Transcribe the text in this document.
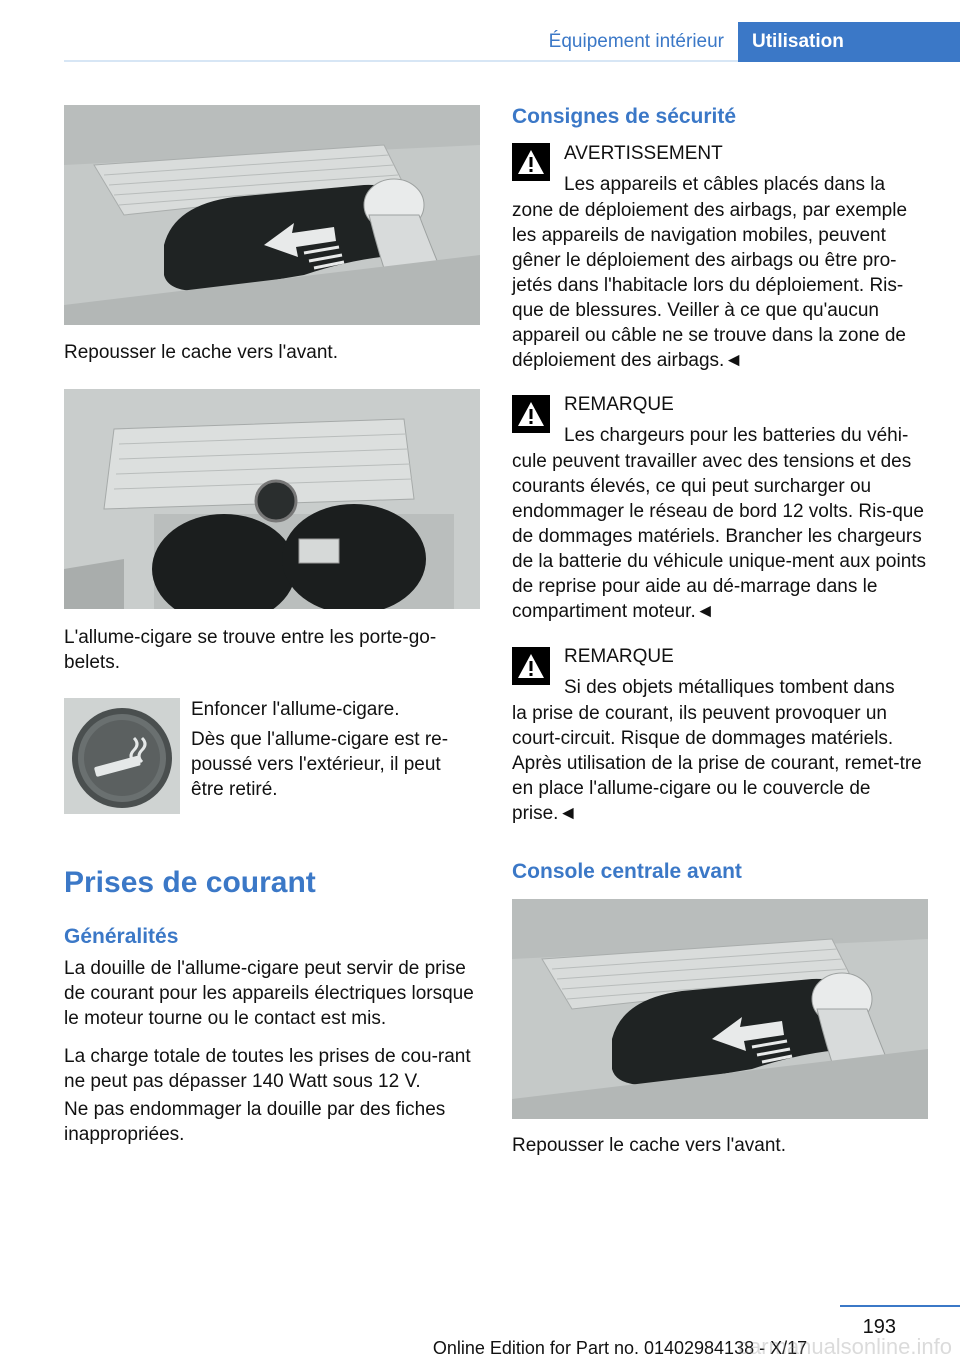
Équipement intérieur	Utilisation

Repousser le cache vers l'avant.

L'allume-cigare se trouve entre les porte-go-belets.

Enfoncer l'allume-cigare.

Dès que l'allume-cigare est re-poussé vers l'extérieur, il peut être retiré.

Prises de courant
Généralités

La douille de l'allume-cigare peut servir de prise de courant pour les appareils électriques lorsque le moteur tourne ou le contact est mis.

La charge totale de toutes les prises de cou-rant ne peut pas dépasser 140 Watt sous 12 V.

Ne pas endommager la douille par des fiches inappropriées.

Consignes de sécurité
AVERTISSEMENT
Les appareils et câbles placés dans la
zone de déploiement des airbags, par exemple les appareils de navigation mobiles, peuvent gêner le déploiement des airbags ou être pro-jetés dans l'habitacle lors du déploiement. Ris-que de blessures. Veiller à ce que qu'aucun appareil ou câble ne se trouve dans la zone de déploiement des airbags.◄
REMARQUE
Les chargeurs pour les batteries du véhi-
cule peuvent travailler avec des tensions et des courants élevés, ce qui peut surcharger ou endommager le réseau de bord 12 volts. Ris-que de dommages matériels. Brancher les chargeurs de la batterie du véhicule unique-ment aux points de reprise pour aide au dé-marrage dans le compartiment moteur.◄
REMARQUE
Si des objets métalliques tombent dans
la prise de courant, ils peuvent provoquer un court-circuit. Risque de dommages matériels. Après utilisation de la prise de courant, remet-tre en place l'allume-cigare ou le couvercle de prise.◄
Console centrale avant

Repousser le cache vers l'avant.

193
Online Edition for Part no. 01402984138 - X/17
carmanualsonline.info
